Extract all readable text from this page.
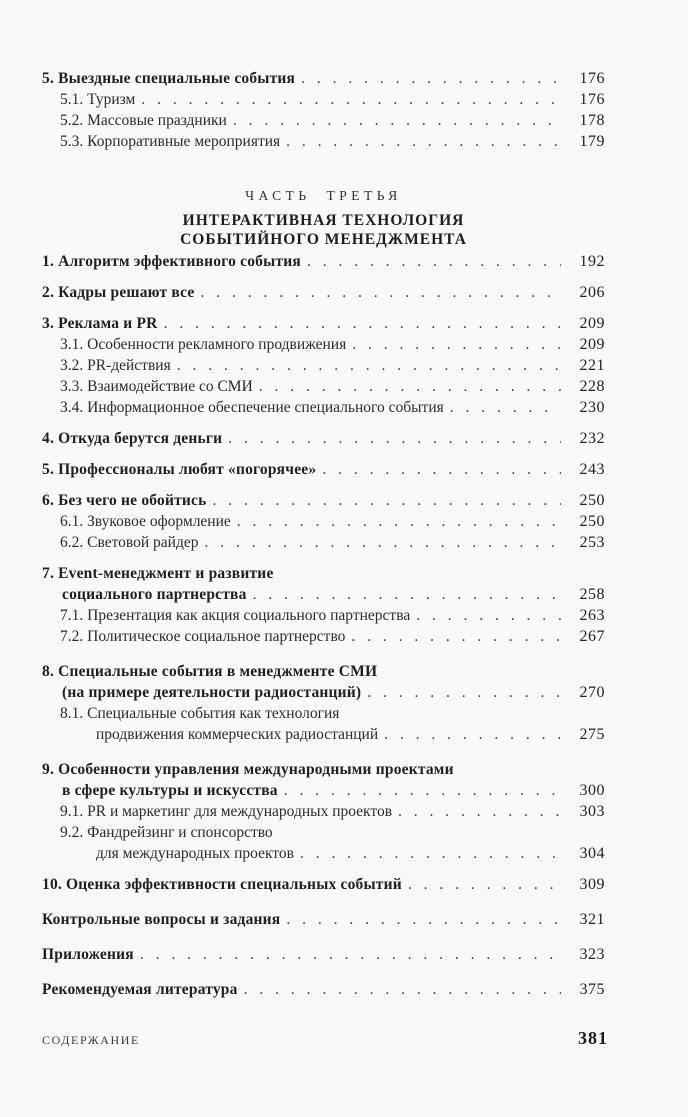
5. Выездные специальные события . . .	176
5.1. Туризм . . .	176
5.2. Массовые праздники . . .	178
5.3. Корпоративные мероприятия . . .	179
ЧАСТЬ ТРЕТЬЯ
ИНТЕРАКТИВНАЯ ТЕХНОЛОГИЯ
СОБЫТИЙНОГО МЕНЕДЖМЕНТА
1. Алгоритм эффективного события . . .	192
2. Кадры решают все . . .	206
3. Реклама и PR . . .	209
3.1. Особенности рекламного продвижения . . .	209
3.2. PR-действия . . .	221
3.3. Взаимодействие со СМИ . . .	228
3.4. Информационное обеспечение специального события . . .	230
4. Откуда берутся деньги . . .	232
5. Профессионалы любят «погорячее» . . .	243
6. Без чего не обойтись . . .	250
6.1. Звуковое оформление . . .	250
6.2. Световой райдер . . .	253
7. Event-менеджмент и развитие
социального партнерства . . .	258
7.1. Презентация как акция социального партнерства . . .	263
7.2. Политическое социальное партнерство . . .	267
8. Специальные события в менеджменте СМИ
(на примере деятельности радиостанций) . . .	270
8.1. Специальные события как технология
продвижения коммерческих радиостанций . . .	275
9. Особенности управления международными проектами
в сфере культуры и искусства . . .	300
9.1. PR и маркетинг для международных проектов . . .	303
9.2. Фандрейзинг и спонсорство
для международных проектов . . .	304
10. Оценка эффективности специальных событий . . .	309
Контрольные вопросы и задания . . .	321
Приложения . . .	323
Рекомендуемая литература . . .	375
СОДЕРЖАНИЕ	381
